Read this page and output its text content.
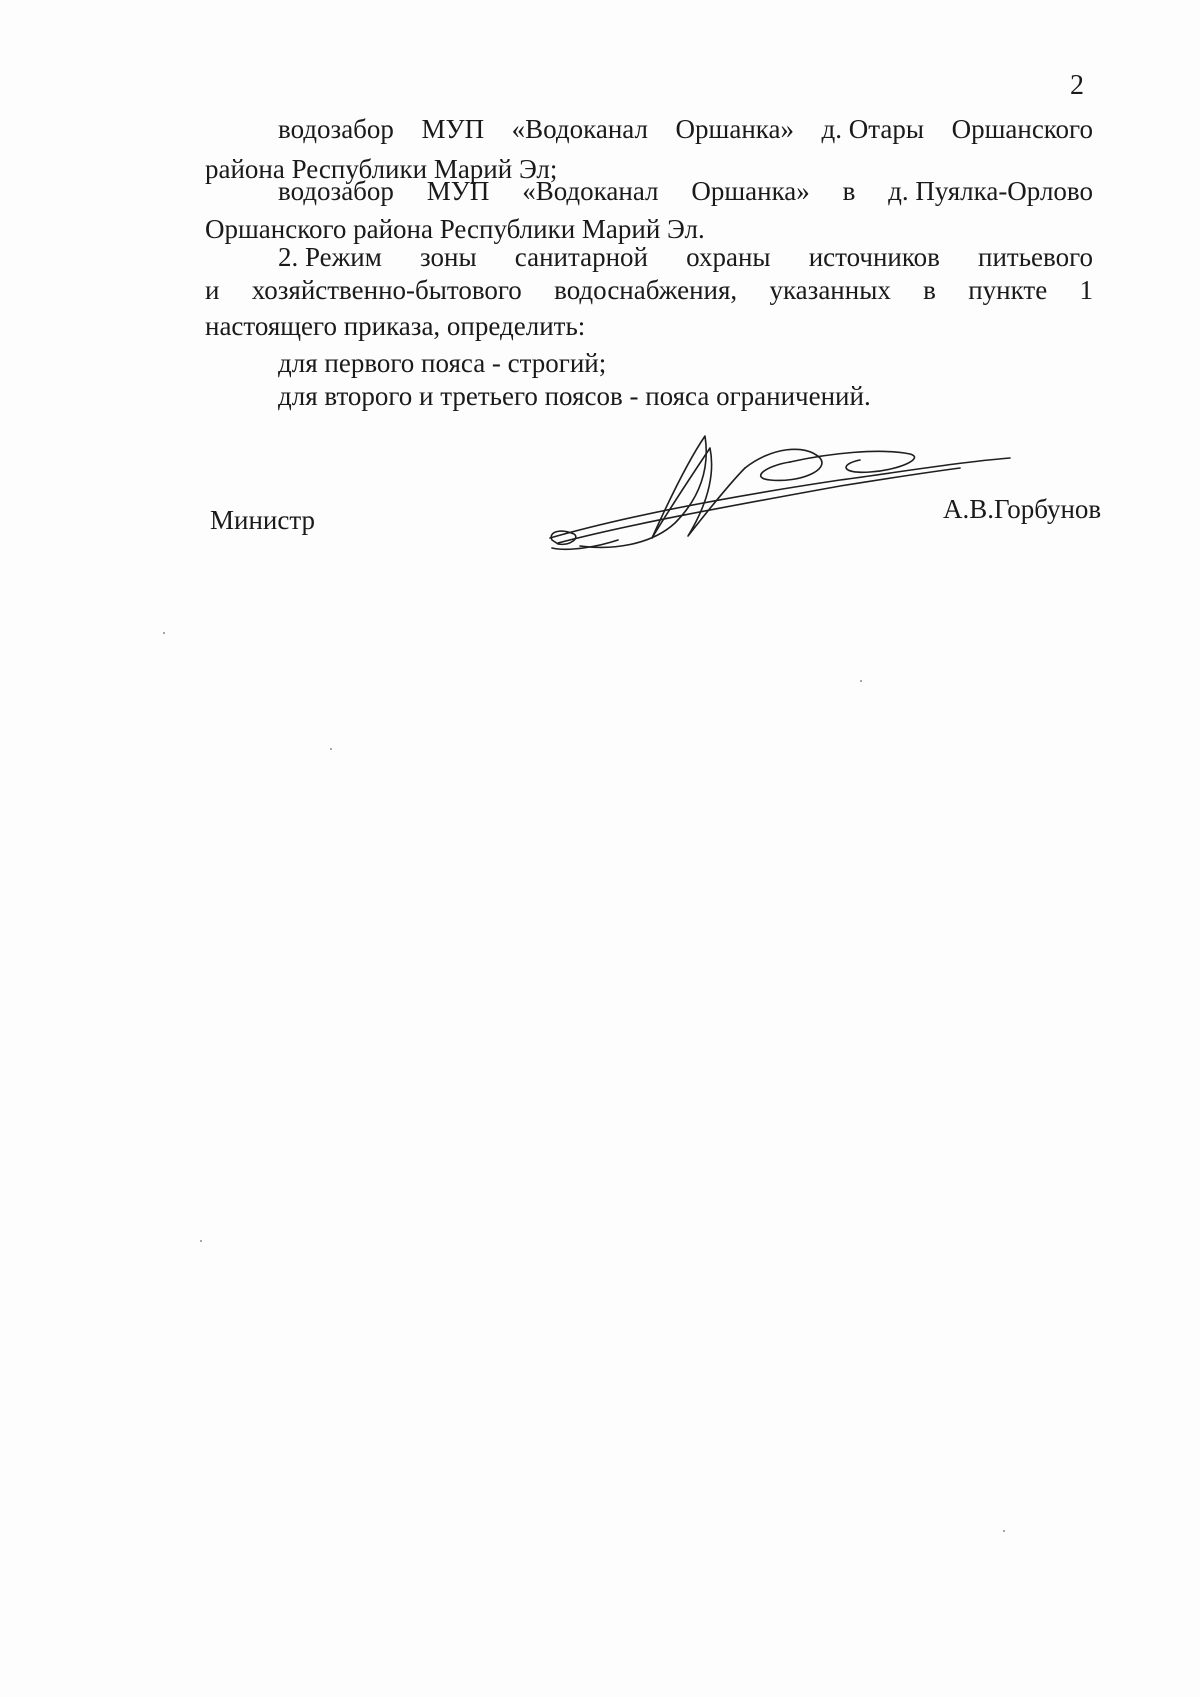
2
водозабор МУП «Водоканал Оршанка» д. Отары Оршанского
района Республики Марий Эл;
водозабор МУП «Водоканал Оршанка» в д. Пуялка-Орлово
Оршанского района Республики Марий Эл.
2. Режим зоны санитарной охраны источников питьевого
и хозяйственно-бытового водоснабжения, указанных в пункте 1
настоящего приказа, определить:
для первого пояса - строгий;
для второго и третьего поясов - пояса ограничений.
Министр	А.В.Горбунов
